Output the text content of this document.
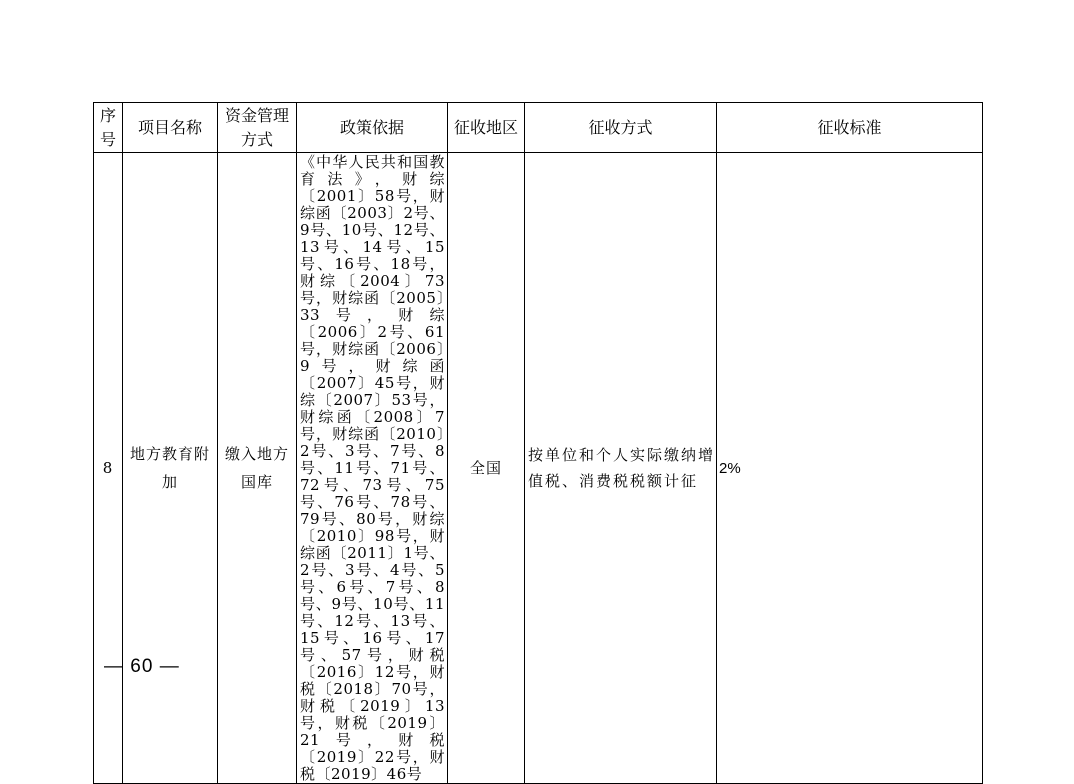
序号	项目名称	资金管理方式	政策依据	征收地区	征收方式	征收标准
8	地方教育附加	缴入地方国库	《中华人民共和国教育法》，财综〔2001〕58号，财综函〔2003〕2号、9号、10号、12号、13号、14号、15号、16号、18号，财综〔2004〕73号，财综函〔2005〕33号，财综〔2006〕2号、61号，财综函〔2006〕9号，财综函〔2007〕45号，财综〔2007〕53号，财综函〔2008〕7号，财综函〔2010〕2号、3号、7号、8号、11号、71号、72号、73号、75号、76号、78号、79号、80号，财综〔2010〕98号，财综函〔2011〕1号、2号、3号、4号、5号、6号、7号、8号、9号、10号、11号、12号、13号、15号、16号、17号、57号，财税〔2016〕12号，财税〔2018〕70号，财税〔2019〕13号，财税〔2019〕21号，财税〔2019〕22号，财税〔2019〕46号	全国	按单位和个人实际缴纳增值税、消费税税额计征	2%
— 60 —
